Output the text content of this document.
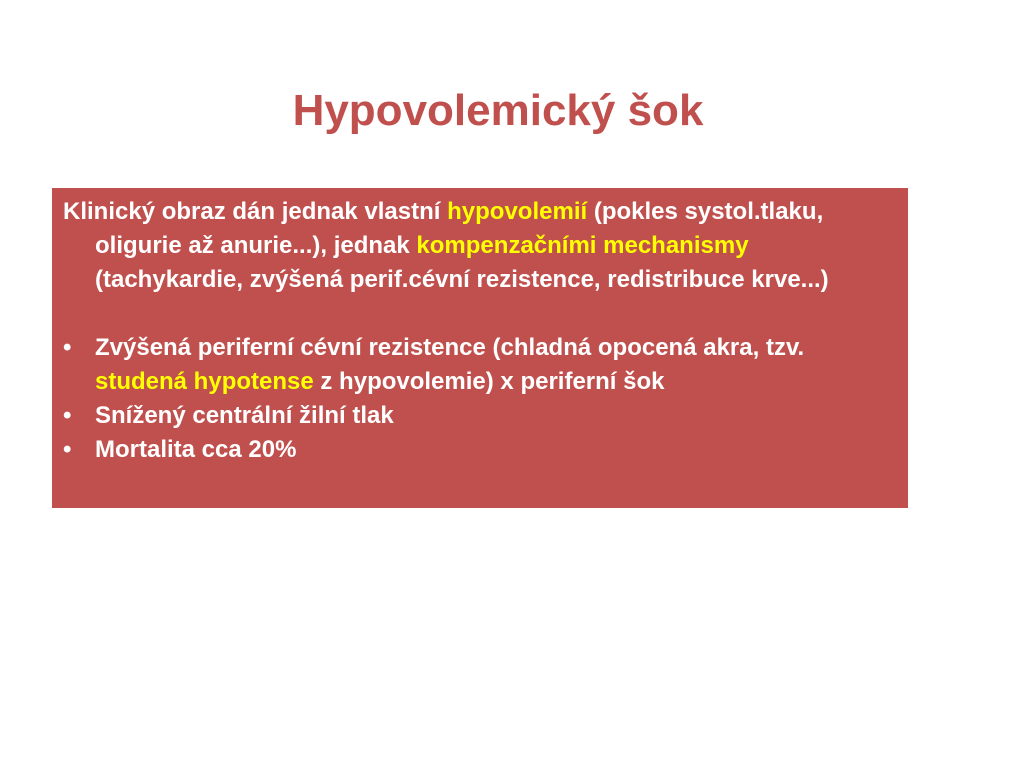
Hypovolemický šok

Klinický obraz dán jednak vlastní hypovolemií (pokles systol.tlaku, oligurie až anurie...), jednak kompenzačními mechanismy (tachykardie, zvýšená perif.cévní rezistence, redistribuce krve...)

• Zvýšená periferní cévní rezistence (chladná opocená akra, tzv. studená hypotense z hypovolemie) x periferní šok
• Snížený centrální žilní tlak
• Mortalita cca 20%
